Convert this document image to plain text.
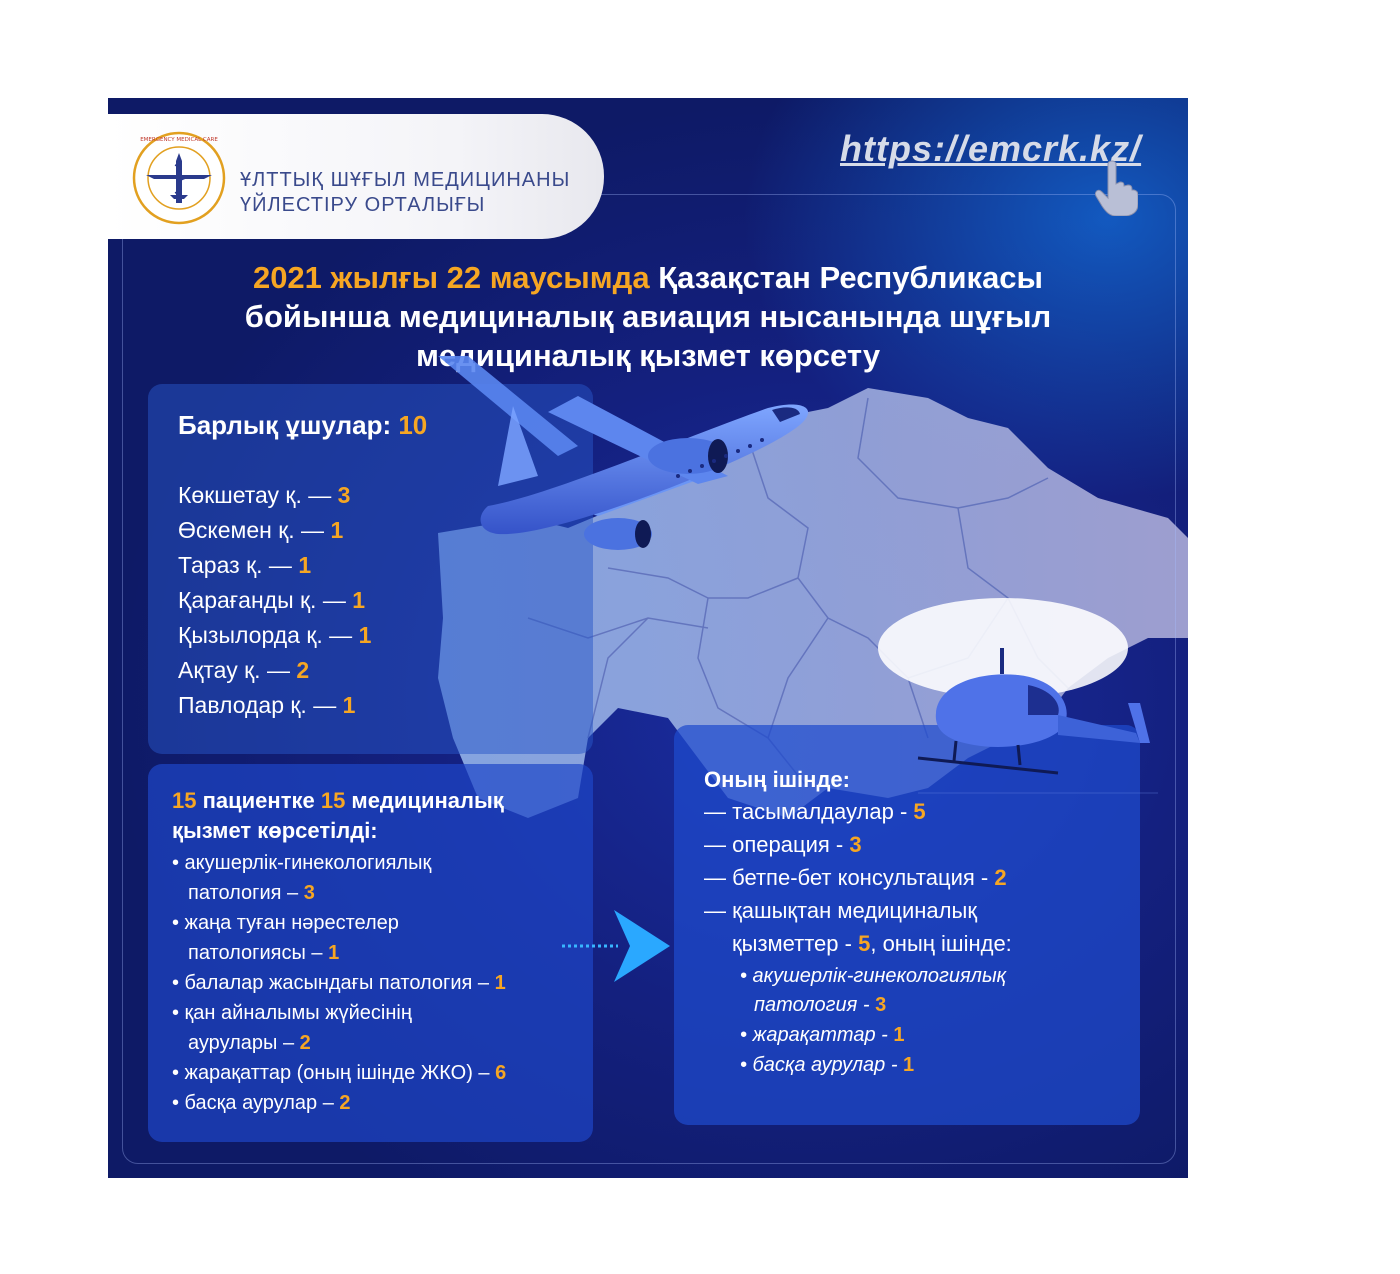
EMERGENCY MEDICAL CARE
ҰЛТТЫҚ ШҰҒЫЛ МЕДИЦИНАНЫ
ҮЙЛЕСТІРУ ОРТАЛЫҒЫ
https://emcrk.kz/
2021 жылғы 22 маусымда Қазақстан Республикасы
бойынша медициналық авиация нысанында шұғыл
медициналық қызмет көрсету
Барлық ұшулар: 10
Көкшетау қ. — 3
Өскемен қ. — 1
Тараз қ. — 1
Қарағанды қ. — 1
Қызылорда қ. — 1
Ақтау қ. — 2
Павлодар қ. — 1
15 пациентке 15 медициналық
қызмет көрсетілді:
• акушерлік-гинекологиялық
патология – 3
• жаңа туған нәрестелер
патологиясы – 1
• балалар жасындағы патология – 1
• қан айналымы жүйесінің
аурулары – 2
• жарақаттар (оның ішінде ЖКО) – 6
• басқа аурулар – 2
Оның ішінде:
— тасымалдаулар - 5
— операция - 3
— бетпе-бет консультация - 2
— қашықтан медициналық
қызметтер - 5, оның ішінде:
• акушерлік-гинекологиялық
патология - 3
• жарақаттар - 1
• басқа аурулар - 1
